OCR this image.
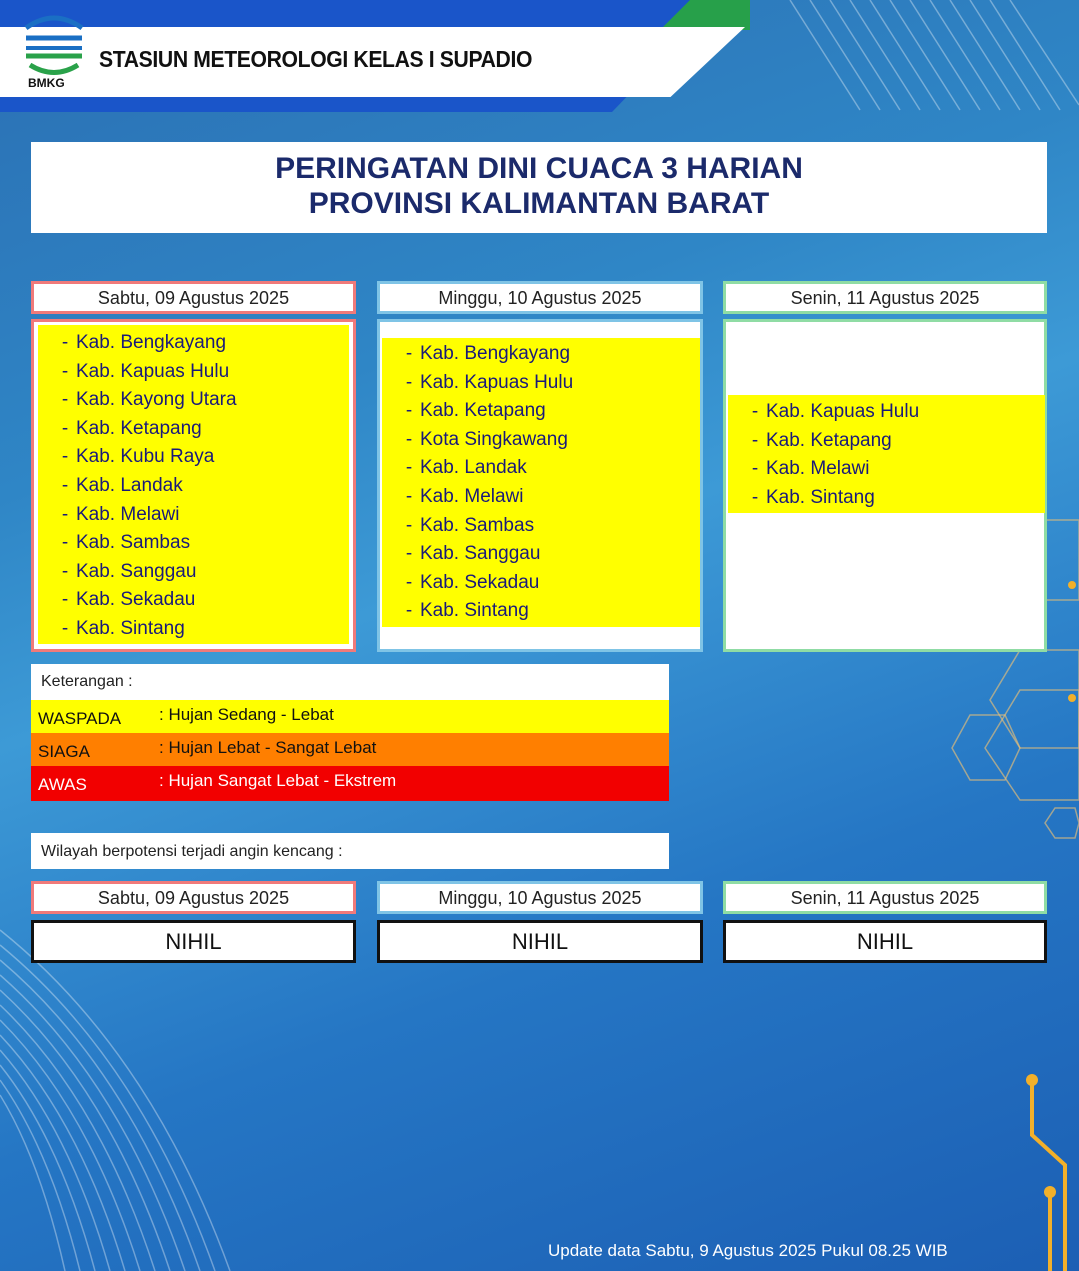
BMKG
STASIUN METEOROLOGI KELAS I SUPADIO
PERINGATAN DINI CUACA 3 HARIAN
PROVINSI KALIMANTAN BARAT
Sabtu, 09 Agustus 2025
- Kab. Bengkayang
- Kab. Kapuas Hulu
- Kab. Kayong Utara
- Kab. Ketapang
- Kab. Kubu Raya
- Kab. Landak
- Kab. Melawi
- Kab. Sambas
- Kab. Sanggau
- Kab. Sekadau
- Kab. Sintang
Minggu, 10 Agustus 2025
- Kab. Bengkayang
- Kab. Kapuas Hulu
- Kab. Ketapang
- Kota Singkawang
- Kab. Landak
- Kab. Melawi
- Kab. Sambas
- Kab. Sanggau
- Kab. Sekadau
- Kab. Sintang
Senin, 11 Agustus 2025
- Kab. Kapuas Hulu
- Kab. Ketapang
- Kab. Melawi
- Kab. Sintang
Keterangan :
WASPADA : Hujan Sedang - Lebat
SIAGA	: Hujan Lebat - Sangat Lebat
AWAS	: Hujan Sangat Lebat - Ekstrem
Wilayah berpotensi terjadi angin kencang :
Sabtu, 09 Agustus 2025	Minggu, 10 Agustus 2025	Senin, 11 Agustus 2025
NIHIL	NIHIL	NIHIL
Update data Sabtu, 9 Agustus 2025 Pukul 08.25 WIB
